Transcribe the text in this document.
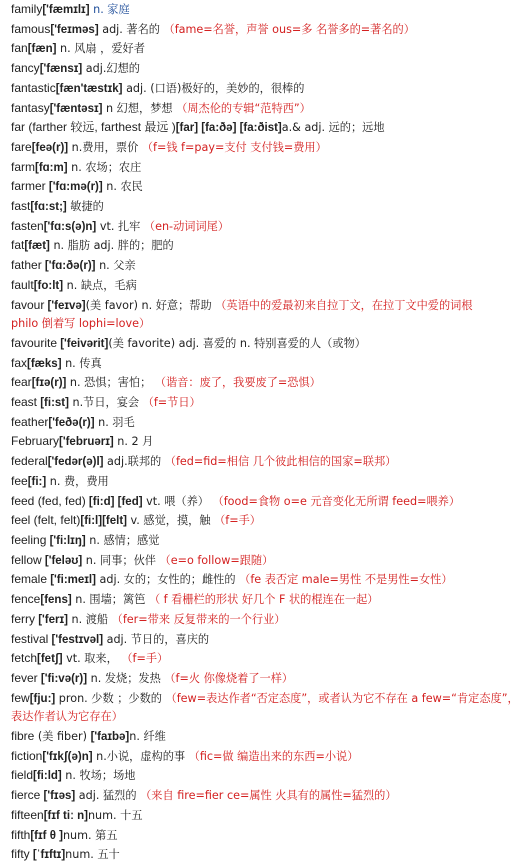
family['fæmɪlɪ] n. 家庭
famous['feɪməs] adj. 著名的 （fame=名誉，声誉 ous=多 名誉多的=著名的）
fan[fæn] n. 风扇 ，爱好者
fancy['fænsɪ] adj.幻想的
fantastic[fæn'tæstɪk] adj. (口语)极好的，美妙的，很棒的
fantasy['fæntəsɪ] n 幻想，梦想 （周杰伦的专辑“范特西”）
far (farther 较远, farthest 最远 )[far] [fa:ðə] [fa:ðist]a.& adj. 远的；远地
fare[feə(r)] n.费用，票价 （f=钱 f=pay=支付 支付钱=费用）
farm[fɑ:m] n. 农场；农庄
farmer ['fɑ:mə(r)] n. 农民
fast[fɑ:st;] 敏捷的
fasten['fɑ:s(ə)n] vt. 扎牢 （en-动词词尾）
fat[fæt] n. 脂肪 adj. 胖的；肥的
father ['fɑ:ðə(r)] n. 父亲
fault[fo:lt] n. 缺点，毛病
favour ['feɪvə](美 favor) n. 好意；帮助 （英语中的爱最初来自拉丁文，在拉丁文中爱的词根
philo 倒着写 lophi=love）
favourite ['feivərit](美 favorite) adj. 喜爱的 n. 特别喜爱的人（或物）
fax[fæks] n. 传真
fear[fɪə(r)] n. 恐惧；害怕； （谐音：废了，我要废了=恐惧）
feast [fi:st] n.节日，宴会 （f=节日）
feather['feðə(r)] n. 羽毛
February['februərɪ] n. 2 月
federal['fedər(ə)l] adj.联邦的 （fed=fid=相信 几个彼此相信的国家=联邦）
fee[fi:] n. 费，费用
feed (fed, fed) [fi:d] [fed] vt. 喂（养） （food=食物 o=e 元音变化无所谓 feed=喂养）
feel (felt, felt)[fi:l][felt] v. 感觉，摸，触 （f=手）
feeling ['fi:lɪŋ] n. 感情；感觉
fellow ['feləʊ] n. 同事；伙伴 （e=o follow=跟随）
female ['fi:meɪl] adj. 女的；女性的；雌性的 （fe 表否定 male=男性 不是男性=女性）
fence[fens] n. 围墙；篱笆 （ f 看栅栏的形状 好几个 F 状的棍连在一起）
ferry ['ferɪ] n. 渡船 （fer=带来 反复带来的一个行业）
festival ['festɪvəl] adj. 节日的，喜庆的
fetch[fetʃ] vt. 取来， （f=手）
fever ['fi:və(r)] n. 发烧；发热 （f=火 你像烧着了一样）
few[fju:] pron. 少数 ；少数的 （few=表达作者“否定态度”，或者认为它不存在 a few=“肯定态度”，表达作者认为它存在）
fibre (美 fiber) ['faɪbə]n. 纤维
fiction['fɪkʃ(ə)n] n.小说，虚构的事 （fic=做 编造出来的东西=小说）
field[fi:ld] n. 牧场；场地
fierce ['fɪəs] adj. 猛烈的 （来自 fire=fier ce=属性 火具有的属性=猛烈的）
fifteen[fɪf tiː n]num. 十五
fifth[fɪf θ ]num. 第五
fifty [ˈfɪftɪ]num. 五十
